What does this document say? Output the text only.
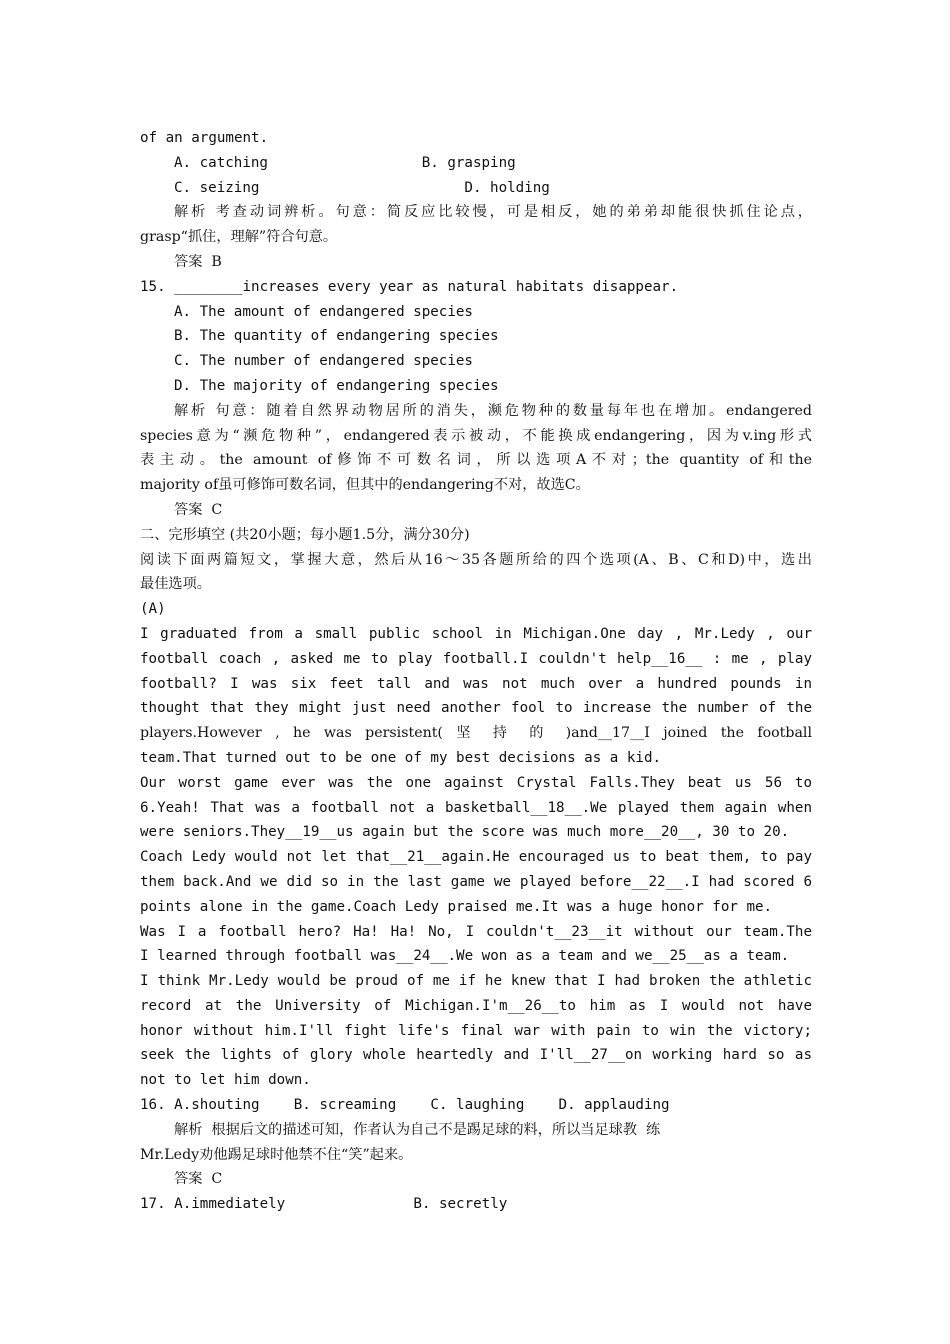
of an argument.
A. catching                  B. grasping
C. seizing                        D. holding
解析 考查动词辨析。句意：简反应比较慢，可是相反，她的弟弟却能很快抓住论点，
grasp“抓住，理解”符合句意。
答案  B
15. ________increases every year as natural habitats disappear.
A. The amount of endangered species
B. The quantity of endangering species
C. The number of endangered species
D. The majority of endangering species
解析 句意：随着自然界动物居所的消失，濒危物种的数量每年也在增加。endangered
species意为“濒危物种”，endangered表示被动，不能换成endangering，因为v.ing形式
表主动。the amount of修饰不可数名词，所以选项A不对；the quantity of和the
majority of虽可修饰可数名词，但其中的endangering不对，故选C。
答案  C
二、完形填空 (共20小题；每小题1.5分，满分30分)
阅读下面两篇短文，掌握大意，然后从16～35各题所给的四个选项(A、B、C和D)中，选出
最佳选项。
(A)
I graduated from a small public school in Michigan.One day , Mr.Ledy , our
football coach , asked me to play football.I couldn't help__16__ : me , play
football? I was six feet tall and was not much over a hundred pounds in
thought that they might just need another fool to increase the number of the
players.However , he was persistent( 坚 持 的 )and__17__I joined the football
team.That turned out to be one of my best decisions as a kid.
Our worst game ever was the one against Crystal Falls.They beat us 56 to
6.Yeah! That was a football not a basketball__18__.We played them again when
were seniors.They__19__us again but the score was much more__20__, 30 to 20.
Coach Ledy would not let that__21__again.He encouraged us to beat them, to pay
them back.And we did so in the last game we played before__22__.I had scored 6
points alone in the game.Coach Ledy praised me.It was a huge honor for me.
Was I a football hero? Ha! Ha! No, I couldn't__23__it without our team.The
I learned through football was__24__.We won as a team and we__25__as a team.
I think Mr.Ledy would be proud of me if he knew that I had broken the athletic
record at the University of Michigan.I'm__26__to him as I would not have
honor without him.I'll fight life's final war with pain to win the victory;
seek the lights of glory whole heartedly and I'll__27__on working hard so as
not to let him down.
16. A.shouting    B. screaming    C. laughing    D. applauding
解析  根据后文的描述可知，作者认为自己不是踢足球的料，所以当足球教  练
Mr.Ledy劝他踢足球时他禁不住“笑”起来。
答案  C
17. A.immediately               B. secretly
